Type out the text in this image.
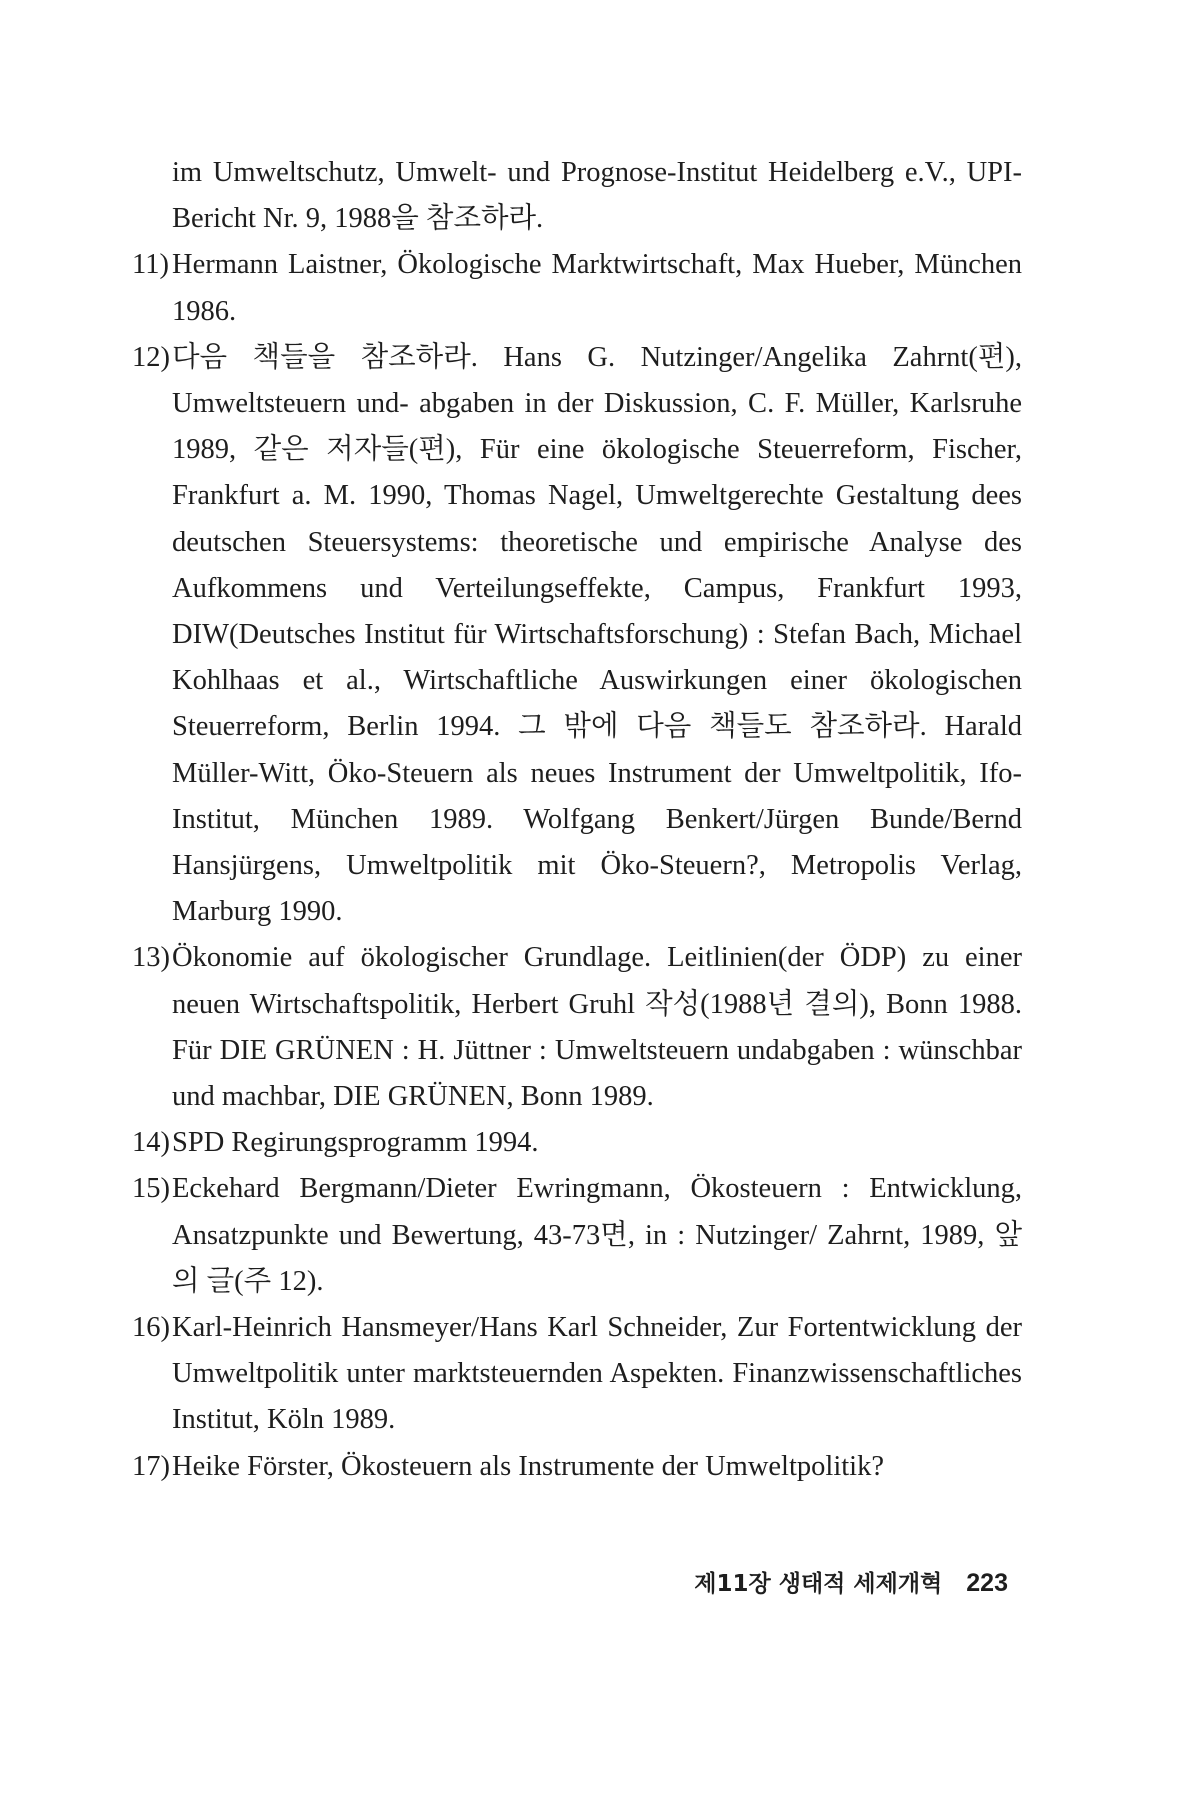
im Umweltschutz, Umwelt- und Prognose-Institut Heidelberg e.V., UPI-Bericht Nr. 9, 1988을 참조하라.
11) Hermann Laistner, Ökologische Marktwirtschaft, Max Hueber, München 1986.
12) 다음 책들을 참조하라. Hans G. Nutzinger/Angelika Zahrnt(편), Umweltsteuern und- abgaben in der Diskussion, C. F. Müller, Karlsruhe 1989, 같은 저자들(편), Für eine ökologische Steuerreform, Fischer, Frankfurt a. M. 1990, Thomas Nagel, Umweltgerechte Gestaltung dees deutschen Steuersystems: theoretische und empirische Analyse des Aufkommens und Verteilungseffekte, Campus, Frankfurt 1993, DIW(Deutsches Institut für Wirtschaftsforschung) : Stefan Bach, Michael Kohlhaas et al., Wirtschaftliche Auswirkungen einer ökologischen Steuerreform, Berlin 1994. 그 밖에 다음 책들도 참조하라. Harald Müller-Witt, Öko-Steuern als neues Instrument der Umweltpolitik, Ifo-Institut, München 1989. Wolfgang Benkert/Jürgen Bunde/Bernd Hansjürgens, Umweltpolitik mit Öko-Steuern?, Metropolis Verlag, Marburg 1990.
13) Ökonomie auf ökologischer Grundlage. Leitlinien(der ÖDP) zu einer neuen Wirtschaftspolitik, Herbert Gruhl 작성(1988년 결의), Bonn 1988. Für DIE GRÜNEN : H. Jüttner : Umweltsteuern undabgaben : wünschbar und machbar, DIE GRÜNEN, Bonn 1989.
14) SPD Regirungsprogramm 1994.
15) Eckehard Bergmann/Dieter Ewringmann, Ökosteuern : Entwicklung, Ansatzpunkte und Bewertung, 43-73면, in : Nutzinger/ Zahrnt, 1989, 앞의 글(주 12).
16) Karl-Heinrich Hansmeyer/Hans Karl Schneider, Zur Fortentwicklung der Umweltpolitik unter marktsteuernden Aspekten. Finanzwissenschaftliches Institut, Köln 1989.
17) Heike Förster, Ökosteuern als Instrumente der Umweltpolitik?
제11장 생태적 세제개혁 223
